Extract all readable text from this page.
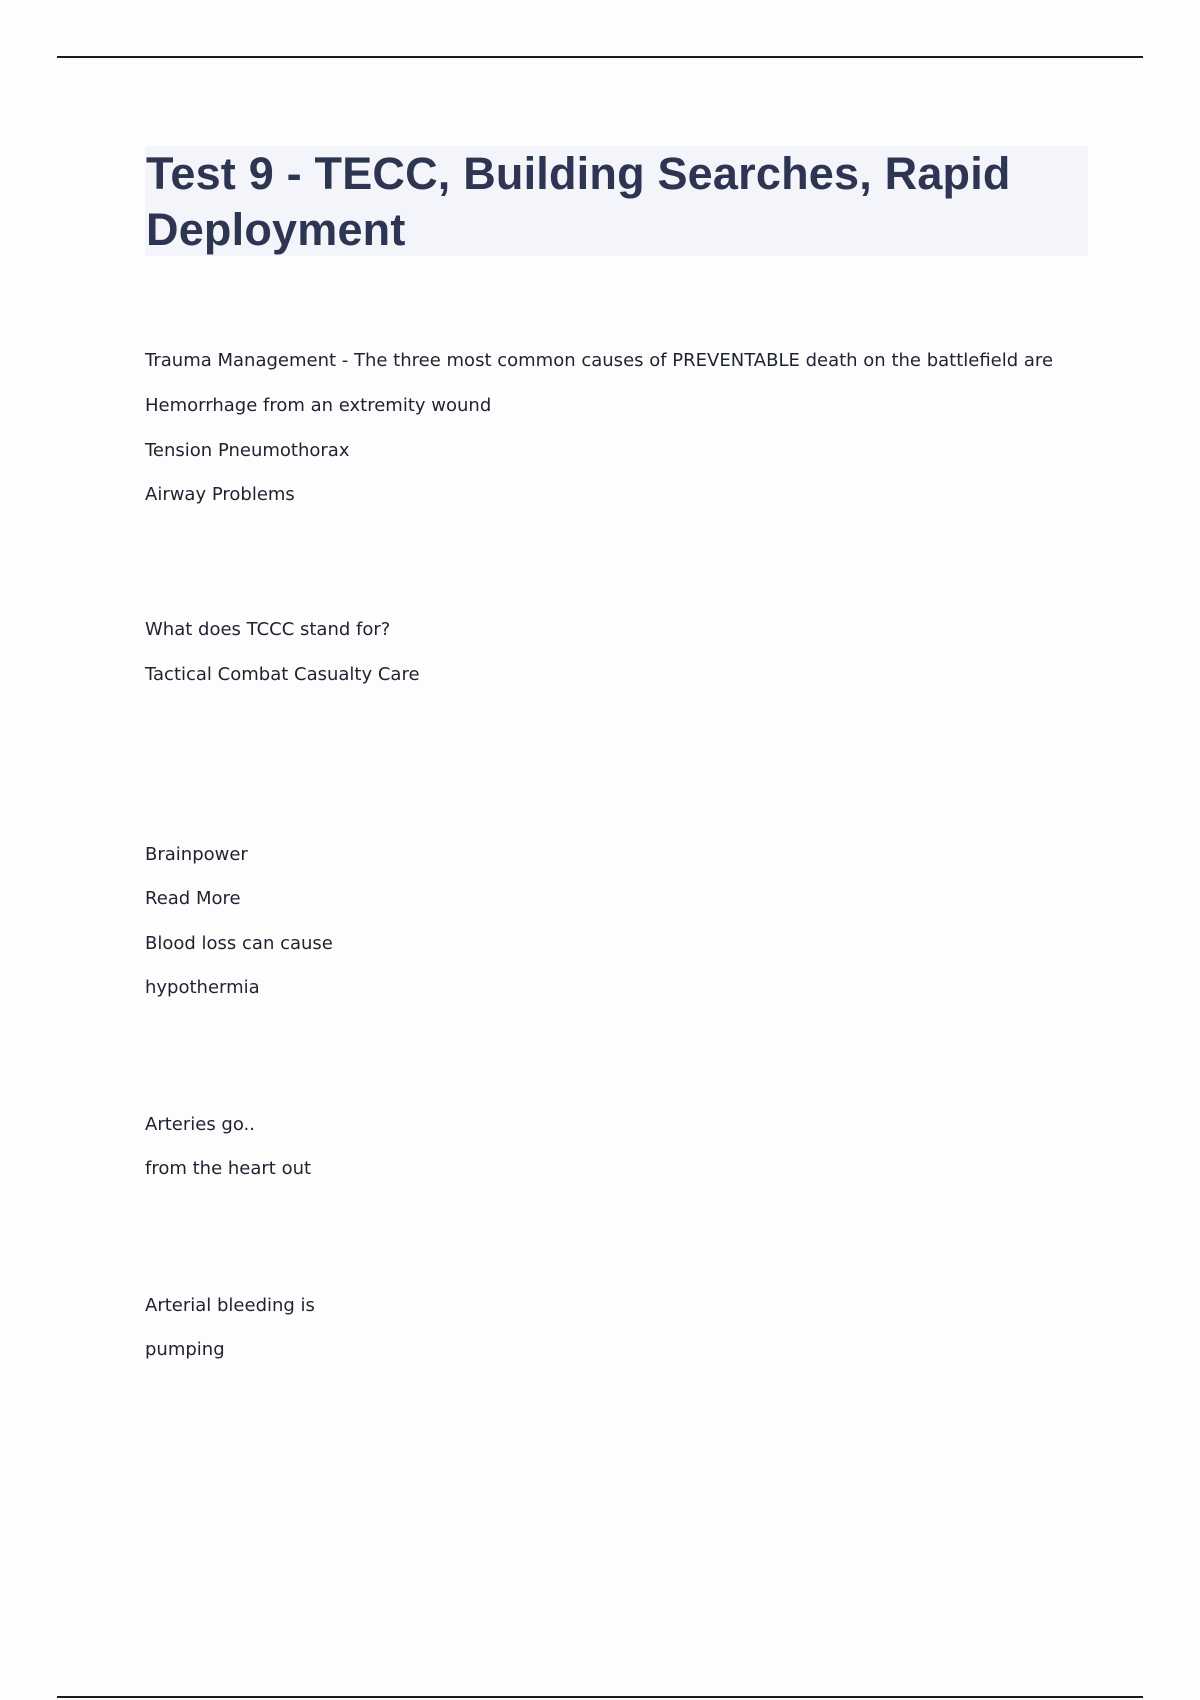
Test 9 - TECC, Building Searches, Rapid Deployment
Trauma Management - The three most common causes of PREVENTABLE death on the battlefield are
Hemorrhage from an extremity wound
Tension Pneumothorax
Airway Problems
What does TCCC stand for?
Tactical Combat Casualty Care
Brainpower
Read More
Blood loss can cause
hypothermia
Arteries go..
from the heart out
Arterial bleeding is
pumping
